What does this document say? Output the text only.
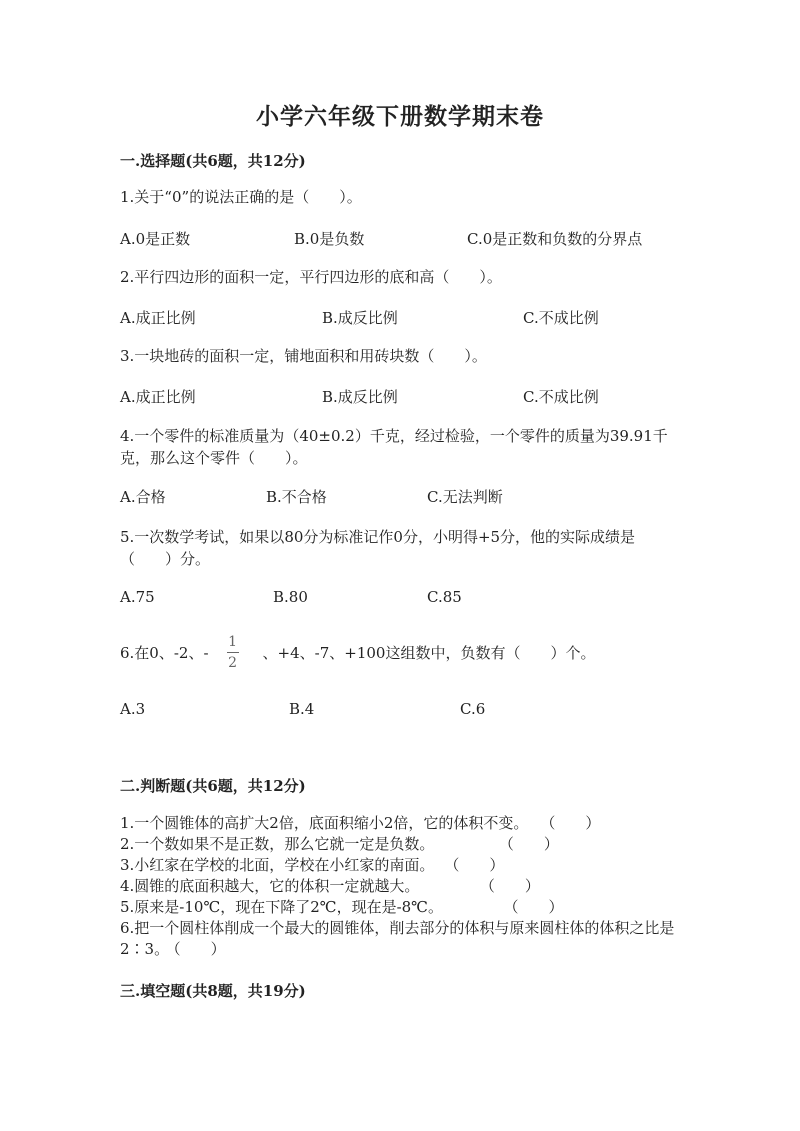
小学六年级下册数学期末卷
一.选择题(共6题，共12分)
1.关于“0”的说法正确的是（　　）。
A.0是正数	B.0是负数	C.0是正数和负数的分界点
2.平行四边形的面积一定，平行四边形的底和高（　　）。
A.成正比例	B.成反比例	C.不成比例
3.一块地砖的面积一定，铺地面积和用砖块数（　　）。
A.成正比例	B.成反比例	C.不成比例
4.一个零件的标准质量为（40±0.2）千克，经过检验，一个零件的质量为39.91千克，那么这个零件（　　）。
A.合格	B.不合格	C.无法判断
5.一次数学考试，如果以80分为标准记作0分，小明得+5分，他的实际成绩是（　　）分。
A.75	B.80	C.85
6.在0、-2、- $\frac{1}{2}$ 、+4、-7、+100这组数中，负数有（　　）个。
A.3	B.4	C.6
二.判断题(共6题，共12分)
1.一个圆锥体的高扩大2倍，底面积缩小2倍，它的体积不变。 （　　）
2.一个数如果不是正数，那么它就一定是负数。 　　　　（　　）
3.小红家在学校的北面，学校在小红家的南面。 （　　）
4.圆锥的底面积越大，它的体积一定就越大。 　　　　（　　）
5.原来是-10℃，现在下降了2℃，现在是-8℃。 　　　　（　　）
6.把一个圆柱体削成一个最大的圆锥体，削去部分的体积与原来圆柱体的体积之比是2∶3。 （　　）
三.填空题(共8题，共19分)
